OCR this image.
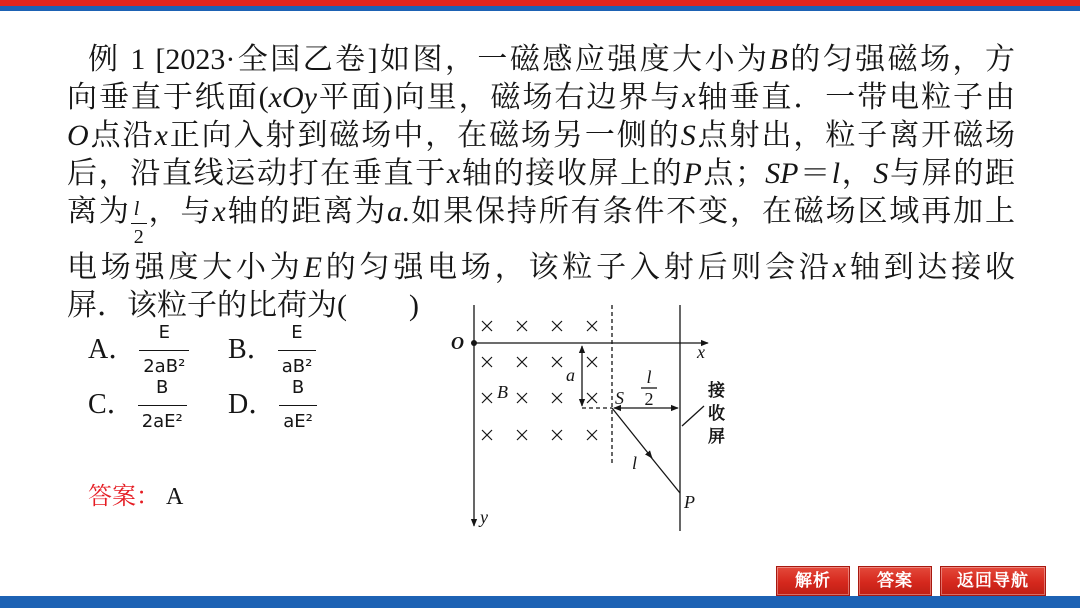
例 1 [2023·全国乙卷]如图，一磁感应强度大小为B的匀强磁场，方
向垂直于纸面(xOy平面)向里，磁场右边界与x轴垂直．一带电粒子由
O点沿x正向入射到磁场中，在磁场另一侧的S点射出，粒子离开磁场
后，沿直线运动打在垂直于x轴的接收屏上的P点；SP＝l，S与屏的距
离为 $\frac{l}{2}$ ，与x轴的距离为a.如果保持所有条件不变，在磁场区域再加上
电场强度大小为E的匀强电场，该粒子入射后则会沿x轴到达接收
屏．该粒子的比荷为( )
A． $\frac{E}{\text{2aB²}}$ B． $\frac{E}{\text{aB²}}$
C． $\frac{B}{\text{2aE²}}$ D． $\frac{B}{\text{aE²}}$
答案： A
O	x
y
B
a
S
l
2
l
P
接收屏
解析	答案	返回导航
